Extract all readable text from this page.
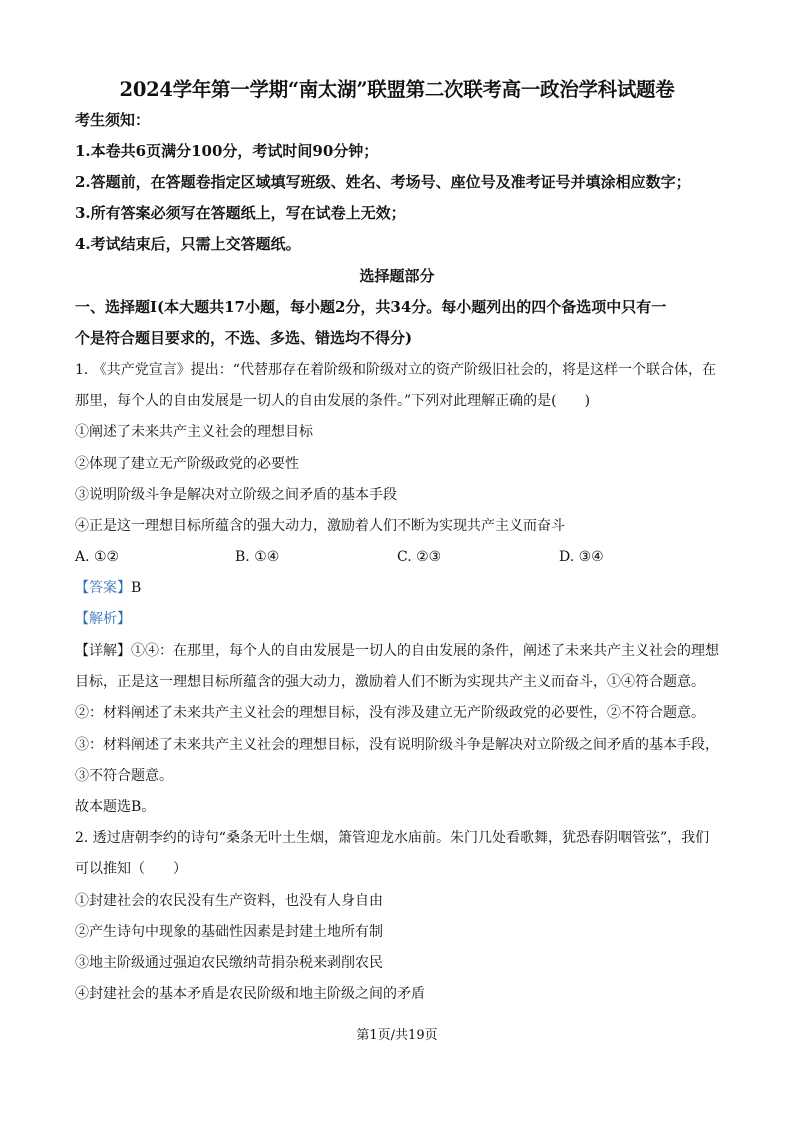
2024学年第一学期“南太湖”联盟第二次联考高一政治学科试题卷
考生须知：
1.本卷共6页满分100分，考试时间90分钟；
2.答题前，在答题卷指定区域填写班级、姓名、考场号、座位号及准考证号并填涂相应数字；
3.所有答案必须写在答题纸上，写在试卷上无效；
4.考试结束后，只需上交答题纸。
选择题部分
一、选择题Ⅰ(本大题共17小题，每小题2分，共34分。每小题列出的四个备选项中只有一
个是符合题目要求的，不选、多选、错选均不得分)
1. 《共产党宣言》提出：“代替那存在着阶级和阶级对立的资产阶级旧社会的，将是这样一个联合体，在
那里，每个人的自由发展是一切人的自由发展的条件。”下列对此理解正确的是(　　)
①阐述了未来共产主义社会的理想目标
②体现了建立无产阶级政党的必要性
③说明阶级斗争是解决对立阶级之间矛盾的基本手段
④正是这一理想目标所蕴含的强大动力，激励着人们不断为实现共产主义而奋斗
A. ①②	B. ①④	C. ②③	D. ③④
【答案】B
【解析】
【详解】①④：在那里，每个人的自由发展是一切人的自由发展的条件，阐述了未来共产主义社会的理想
目标，正是这一理想目标所蕴含的强大动力，激励着人们不断为实现共产主义而奋斗，①④符合题意。
②：材料阐述了未来共产主义社会的理想目标，没有涉及建立无产阶级政党的必要性，②不符合题意。
③：材料阐述了未来共产主义社会的理想目标，没有说明阶级斗争是解决对立阶级之间矛盾的基本手段，
③不符合题意。
故本题选B。
2. 透过唐朝李约的诗句“桑条无叶土生烟，箫管迎龙水庙前。朱门几处看歌舞，犹恐春阴咽管弦”，我们
可以推知（　　）
①封建社会的农民没有生产资料，也没有人身自由
②产生诗句中现象的基础性因素是封建土地所有制
③地主阶级通过强迫农民缴纳苛捐杂税来剥削农民
④封建社会的基本矛盾是农民阶级和地主阶级之间的矛盾
第1页/共19页
